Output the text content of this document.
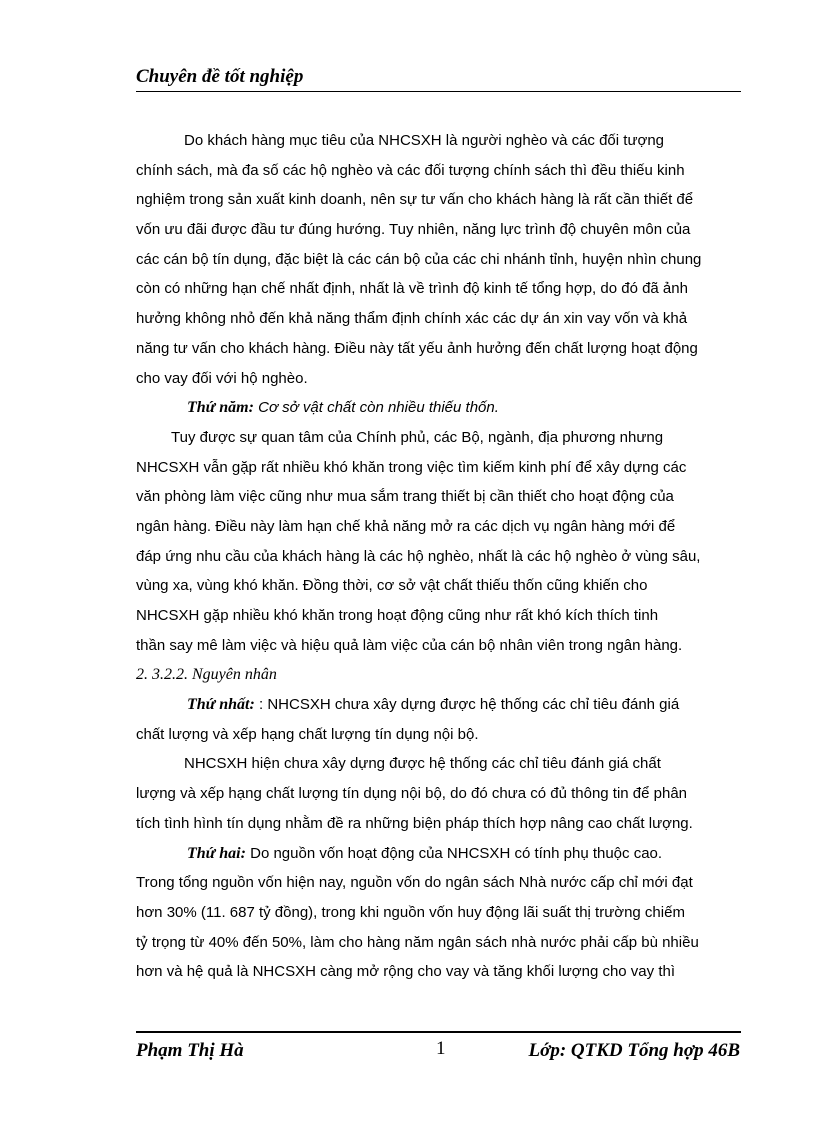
Chuyên đề tốt nghiệp
Do khách hàng mục tiêu của NHCSXH là người nghèo và các đối tượng
chính sách, mà đa số các hộ nghèo và các đối tượng chính sách thì đều thiếu kinh
nghiệm trong sản xuất kinh doanh, nên sự tư vấn cho khách hàng là rất cần thiết để
vốn ưu đãi được đầu tư đúng hướng. Tuy nhiên, năng lực trình độ chuyên môn của
các cán bộ tín dụng, đặc biệt là các cán bộ của các chi nhánh tỉnh, huyện nhìn chung
còn có những hạn chế nhất định, nhất là về trình độ kinh tế tổng hợp, do đó đã ảnh
hưởng không nhỏ đến khả năng thẩm định chính xác các dự án xin vay vốn và khả
năng tư vấn cho khách hàng. Điều này tất yếu ảnh hưởng đến chất lượng hoạt động
cho vay đối với hộ nghèo.
Thứ năm: Cơ sở vật chất còn nhiều thiếu thốn.
Tuy được sự quan tâm của Chính phủ, các Bộ, ngành, địa phương nhưng
NHCSXH vẫn gặp rất nhiều khó khăn trong việc tìm kiếm kinh phí để xây dựng các
văn phòng làm việc cũng như mua sắm trang thiết bị cần thiết cho hoạt động của
ngân hàng. Điều này làm hạn chế khả năng mở ra các dịch vụ ngân hàng mới để
đáp ứng nhu cầu của khách hàng là các hộ nghèo, nhất là các hộ nghèo ở vùng sâu,
vùng xa, vùng khó khăn. Đồng thời, cơ sở vật chất thiếu thốn cũng khiến cho
NHCSXH gặp nhiều khó khăn trong hoạt động cũng như rất khó kích thích tinh
thần say mê làm việc và hiệu quả làm việc của cán bộ nhân viên trong ngân hàng.
2. 3.2.2. Nguyên nhân
Thứ nhất: : NHCSXH chưa xây dựng được hệ thống các chỉ tiêu đánh giá
chất lượng và xếp hạng chất lượng tín dụng nội bộ.
NHCSXH hiện chưa xây dựng được hệ thống các chỉ tiêu đánh giá chất
lượng và xếp hạng chất lượng tín dụng nội bộ, do đó chưa có đủ thông tin để phân
tích tình hình tín dụng nhằm đề ra những biện pháp thích hợp nâng cao chất lượng.
Thứ hai: Do nguồn vốn hoạt động của NHCSXH có tính phụ thuộc cao.
Trong tổng nguồn vốn hiện nay, nguồn vốn do ngân sách Nhà nước cấp chỉ mới đạt
hơn 30% (11. 687 tỷ đồng), trong khi nguồn vốn huy động lãi suất thị trường chiếm
tỷ trọng từ 40% đến 50%, làm cho hàng năm ngân sách nhà nước phải cấp bù nhiều
hơn và hệ quả là NHCSXH càng mở rộng cho vay và tăng khối lượng cho vay thì
Phạm Thị Hà	1	Lớp: QTKD Tổng hợp 46B
